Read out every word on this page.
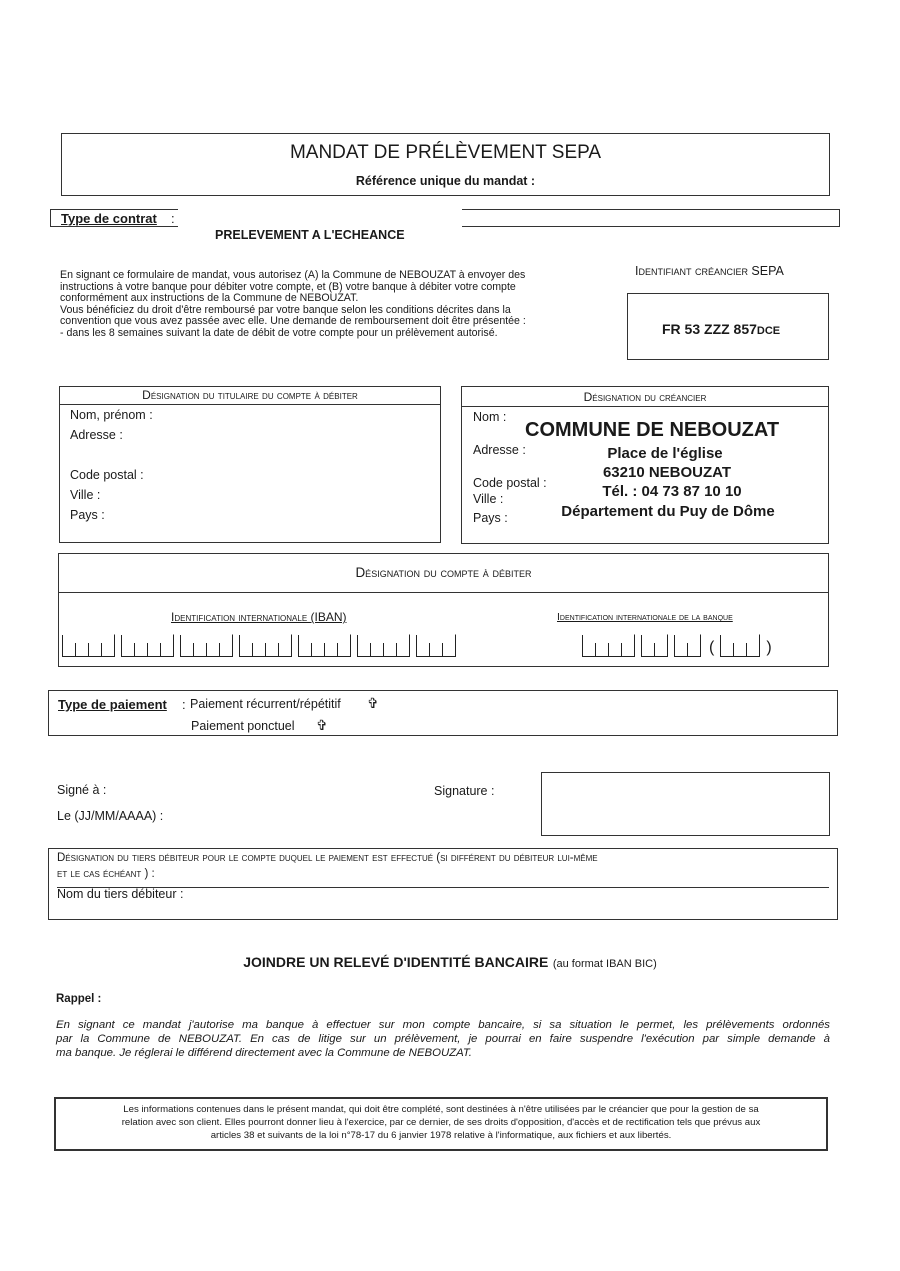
MANDAT DE PRÉLÈVEMENT SEPA
Référence unique du mandat :
Type de contrat :
PRELEVEMENT A L'ECHEANCE

En signant ce formulaire de mandat, vous autorisez (A) la Commune de NEBOUZAT à envoyer des

instructions à votre banque pour débiter votre compte, et (B) votre banque à débiter votre compte

conformément aux instructions de la Commune de NEBOUZAT.

Vous bénéficiez du droit d'être remboursé par votre banque selon les conditions décrites dans la

convention que vous avez passée avec elle. Une demande de remboursement doit être présentée :

- dans les 8 semaines suivant la date de débit de votre compte pour un prélèvement autorisé.

Identifiant créancier SEPA
FR 53 ZZZ 857DCE
Désignation du titulaire du compte à débiter
Nom, prénom :
Adresse :
Code postal :
Ville :
Pays :
Désignation du créancier
Nom :
COMMUNE DE NEBOUZAT
Adresse :	Place de l'église
63210 NEBOUZAT
Code postal :	Tél. : 04 73 87 10 10
Ville :
Pays :	Département du Puy de Dôme
Désignation du compte à débiter
Identification internationale (IBAN)	Identification internationale de la banque
(	)
Type de paiement : Paiement récurrent/répétitif ✞
Paiement ponctuel ✞
Signé à :
Le (JJ/MM/AAAA) :
Signature :
Désignation du tiers débiteur pour le compte duquel le paiement est effectué (si différent du débiteur lui-même
et le cas échéant ) :
Nom du tiers débiteur :
JOINDRE UN RELEVÉ D'IDENTITÉ BANCAIRE (au format IBAN BIC)
Rappel :
En signant ce mandat j'autorise ma banque à effectuer sur mon compte bancaire, si sa situation le permet, les prélèvements ordonnés
par la Commune de NEBOUZAT. En cas de litige sur un prélèvement, je pourrai en faire suspendre l'exécution par simple demande à
ma banque. Je réglerai le différend directement avec la Commune de NEBOUZAT.
Les informations contenues dans le présent mandat, qui doit être complété, sont destinées à n'être utilisées par le créancier que pour la gestion de sa
relation avec son client. Elles pourront donner lieu à l'exercice, par ce dernier, de ses droits d'opposition, d'accès et de rectification tels que prévus aux
articles 38 et suivants de la loi n°78-17 du 6 janvier 1978 relative à l'informatique, aux fichiers et aux libertés.
